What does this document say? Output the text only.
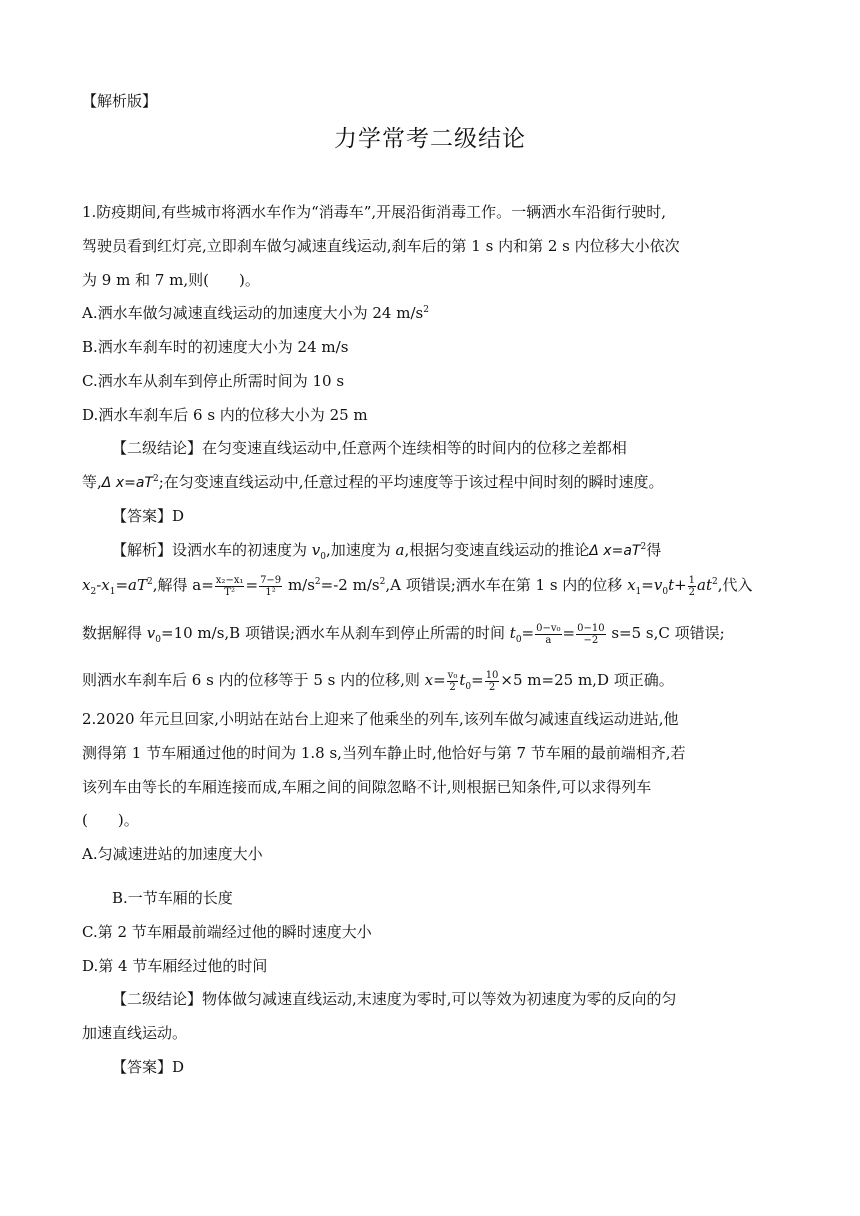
【解析版】
力学常考二级结论
1.防疫期间,有些城市将洒水车作为“消毒车”,开展沿街消毒工作。一辆洒水车沿街行驶时,
驾驶员看到红灯亮,立即刹车做匀减速直线运动,刹车后的第 1 s 内和第 2 s 内位移大小依次
为 9 m 和 7 m,则(　　)。
A.洒水车做匀减速直线运动的加速度大小为 24 $m/s^2$
B.洒水车刹车时的初速度大小为 24 m/s
C.洒水车从刹车到停止所需时间为 10 s
D.洒水车刹车后 6 s 内的位移大小为 25 m
【二级结论】在匀变速直线运动中,任意两个连续相等的时间内的位移之差都相
等,Δ $x=aT^2$;在匀变速直线运动中,任意过程的平均速度等于该过程中间时刻的瞬时速度。
【答案】D
【解析】设洒水车的初速度为 $v_0$,加速度为 a,根据匀变速直线运动的推论Δ $x=aT^2$得
$x_2-x_1=aT^2$,解得 $a= \frac{\text{x₂−x₁}}{\text{T²}} = \frac{7-9}{\text{1²}} m/s^2=-2$ $m/s^2,A$ 项错误;洒水车在第 1 s 内的位移 $x_1=v_0t+ \frac{1}{2} at^2$,代入
数据解得 $v_0=10$ m/s,B 项错误;洒水车从刹车到停止所需的时间 $t_0= \frac{\text{0−v₀}}{a} = \frac{0-10}{-2} s=5$ s,C 项错误;
则洒水车刹车后 6 s 内的位移等于 5 s 内的位移,则 $x= \frac{\text{v₀}}{2} t_0= \frac{10}{2} \times 5$ m=25 m,D 项正确。
2.2020 年元旦回家,小明站在站台上迎来了他乘坐的列车,该列车做匀减速直线运动进站,他
测得第 1 节车厢通过他的时间为 1.8 s,当列车静止时,他恰好与第 7 节车厢的最前端相齐,若
该列车由等长的车厢连接而成,车厢之间的间隙忽略不计,则根据已知条件,可以求得列车
(　　)。
A.匀减速进站的加速度大小
B.一节车厢的长度
C.第 2 节车厢最前端经过他的瞬时速度大小
D.第 4 节车厢经过他的时间
【二级结论】物体做匀减速直线运动,末速度为零时,可以等效为初速度为零的反向的匀
加速直线运动。
【答案】D
